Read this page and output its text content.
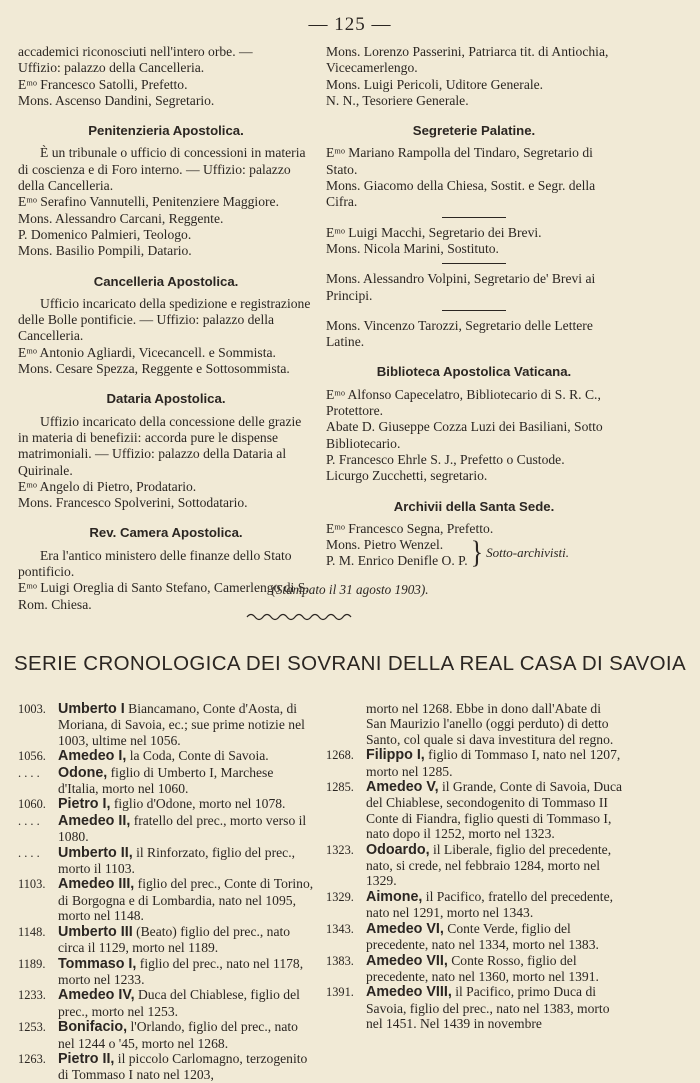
— 125 —

accademici riconosciuti nell'intero orbe. —

Uffizio: palazzo della Cancelleria.

Eᵐᵒ Francesco Satolli, Prefetto.

Mons. Ascenso Dandini, Segretario.

Penitenzieria Apostolica.

È un tribunale o ufficio di concessioni in materia di coscienza e di Foro interno. — Uffizio: palazzo della Cancelleria.

Eᵐᵒ Serafino Vannutelli, Penitenziere Maggiore.

Mons. Alessandro Carcani, Reggente.

P. Domenico Palmieri, Teologo.

Mons. Basilio Pompili, Datario.

Cancelleria Apostolica.

Ufficio incaricato della spedizione e registrazione delle Bolle pontificie. — Uffizio: palazzo della Cancelleria.

Eᵐᵒ Antonio Agliardi, Vicecancell. e Sommista.

Mons. Cesare Spezza, Reggente e Sottosommista.

Dataria Apostolica.

Uffizio incaricato della concessione delle grazie in materia di benefizii: accorda pure le dispense matrimoniali. — Uffizio: palazzo della Dataria al Quirinale.

Eᵐᵒ Angelo di Pietro, Prodatario.

Mons. Francesco Spolverini, Sottodatario.

Rev. Camera Apostolica.

Era l'antico ministero delle finanze dello Stato pontificio.

Eᵐᵒ Luigi Oreglia di Santo Stefano, Camerlengo di S. Rom. Chiesa.

Mons. Lorenzo Passerini, Patriarca tit. di Antiochia, Vicecamerlengo.

Mons. Luigi Pericoli, Uditore Generale.

N. N., Tesoriere Generale.

Segreterie Palatine.

Eᵐᵒ Mariano Rampolla del Tindaro, Segretario di Stato.

Mons. Giacomo della Chiesa, Sostit. e Segr. della Cifra.

Eᵐᵒ Luigi Macchi, Segretario dei Brevi.

Mons. Nicola Marini, Sostituto.

Mons. Alessandro Volpini, Segretario de' Brevi ai Principi.

Mons. Vincenzo Tarozzi, Segretario delle Lettere Latine.

Biblioteca Apostolica Vaticana.

Eᵐᵒ Alfonso Capecelatro, Bibliotecario di S. R. C., Protettore.

Abate D. Giuseppe Cozza Luzi dei Basiliani, Sotto Bibliotecario.

P. Francesco Ehrle S. J., Prefetto o Custode.

Licurgo Zucchetti, segretario.

Archivii della Santa Sede.

Eᵐᵒ Francesco Segna, Prefetto.

Mons. Pietro Wenzel.

P. M. Enrico Denifle O. P. } Sotto-archivisti.
(Stampato il 31 agosto 1903).
SERIE CRONOLOGICA DEI SOVRANI DELLA REAL CASA DI SAVOIA
1003. Umberto I Biancamano, Conte d'Aosta, di Moriana, di Savoia, ec.; sue prime notizie nel 1003, ultime nel 1056.
1056. Amedeo I, la Coda, Conte di Savoia.
. . . .	Odone, figlio di Umberto I, Marchese d'Italia, morto nel 1060.
1060. Pietro I, figlio d'Odone, morto nel 1078.
. . . .	Amedeo II, fratello del prec., morto verso il 1080.
. . . .	Umberto II, il Rinforzato, figlio del prec., morto il 1103.
1103. Amedeo III, figlio del prec., Conte di Torino, di Borgogna e di Lombardia, nato nel 1095, morto nel 1148.
1148. Umberto III (Beato) figlio del prec., nato circa il 1129, morto nel 1189.
1189. Tommaso I, figlio del prec., nato nel 1178, morto nel 1233.
1233. Amedeo IV, Duca del Chiablese, figlio del prec., morto nel 1253.
1253. Bonifacio, l'Orlando, figlio del prec., nato nel 1244 o '45, morto nel 1268.
1263. Pietro II, il piccolo Carlomagno, terzogenito di Tommaso I nato nel 1203,

morto nel 1268. Ebbe in dono dall'Abate di San Maurizio l'anello (oggi perduto) di detto Santo, col quale si dava investitura del regno.

1268. Filippo I, figlio di Tommaso I, nato nel 1207, morto nel 1285.
1285. Amedeo V, il Grande, Conte di Savoia, Duca del Chiablese, secondogenito di Tommaso II Conte di Fiandra, figlio questi di Tommaso I, nato dopo il 1252, morto nel 1323.
1323. Odoardo, il Liberale, figlio del precedente, nato, si crede, nel febbraio 1284, morto nel 1329.
1329. Aimone, il Pacifico, fratello del precedente, nato nel 1291, morto nel 1343.
1343. Amedeo VI, Conte Verde, figlio del precedente, nato nel 1334, morto nel 1383.
1383. Amedeo VII, Conte Rosso, figlio del precedente, nato nel 1360, morto nel 1391.
1391. Amedeo VIII, il Pacifico, primo Duca di Savoia, figlio del prec., nato nel 1383, morto nel 1451. Nel 1439 in novembre
